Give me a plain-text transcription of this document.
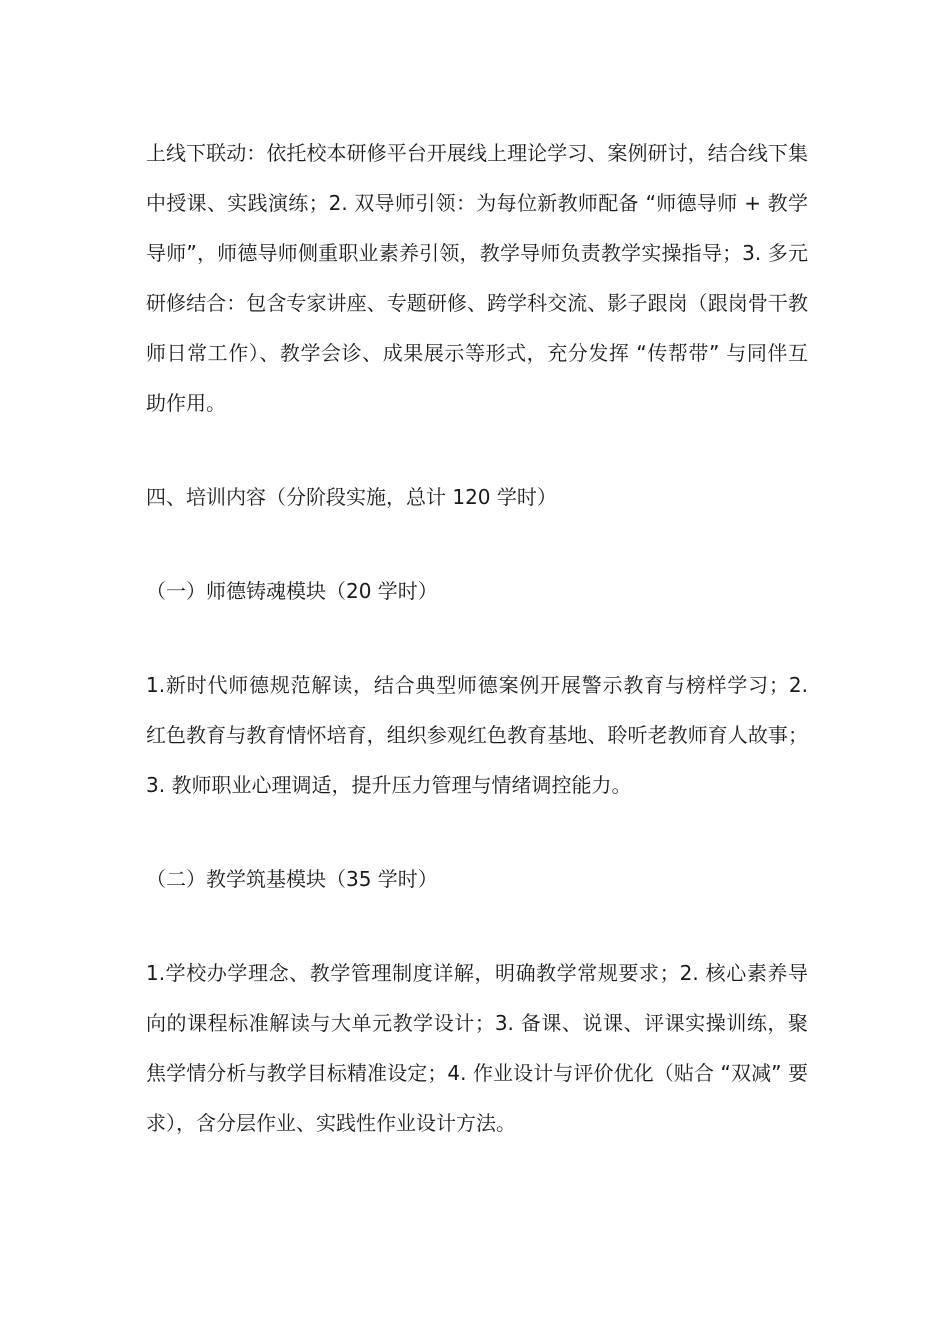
上线下联动：依托校本研修平台开展线上理论学习、案例研讨，结合线下集中授课、实践演练；2. 双导师引领：为每位新教师配备 “师德导师 + 教学导师”，师德导师侧重职业素养引领，教学导师负责教学实操指导；3. 多元研修结合：包含专家讲座、专题研修、跨学科交流、影子跟岗（跟岗骨干教师日常工作）、教学会诊、成果展示等形式，充分发挥 “传帮带” 与同伴互助作用。

四、培训内容（分阶段实施，总计 120 学时）

（一）师德铸魂模块（20 学时）

1.新时代师德规范解读，结合典型师德案例开展警示教育与榜样学习；2. 红色教育与教育情怀培育，组织参观红色教育基地、聆听老教师育人故事；3. 教师职业心理调适，提升压力管理与情绪调控能力。

（二）教学筑基模块（35 学时）

1.学校办学理念、教学管理制度详解，明确教学常规要求；2. 核心素养导向的课程标准解读与大单元教学设计；3. 备课、说课、评课实操训练，聚焦学情分析与教学目标精准设定；4. 作业设计与评价优化（贴合 “双减” 要求），含分层作业、实践性作业设计方法。
